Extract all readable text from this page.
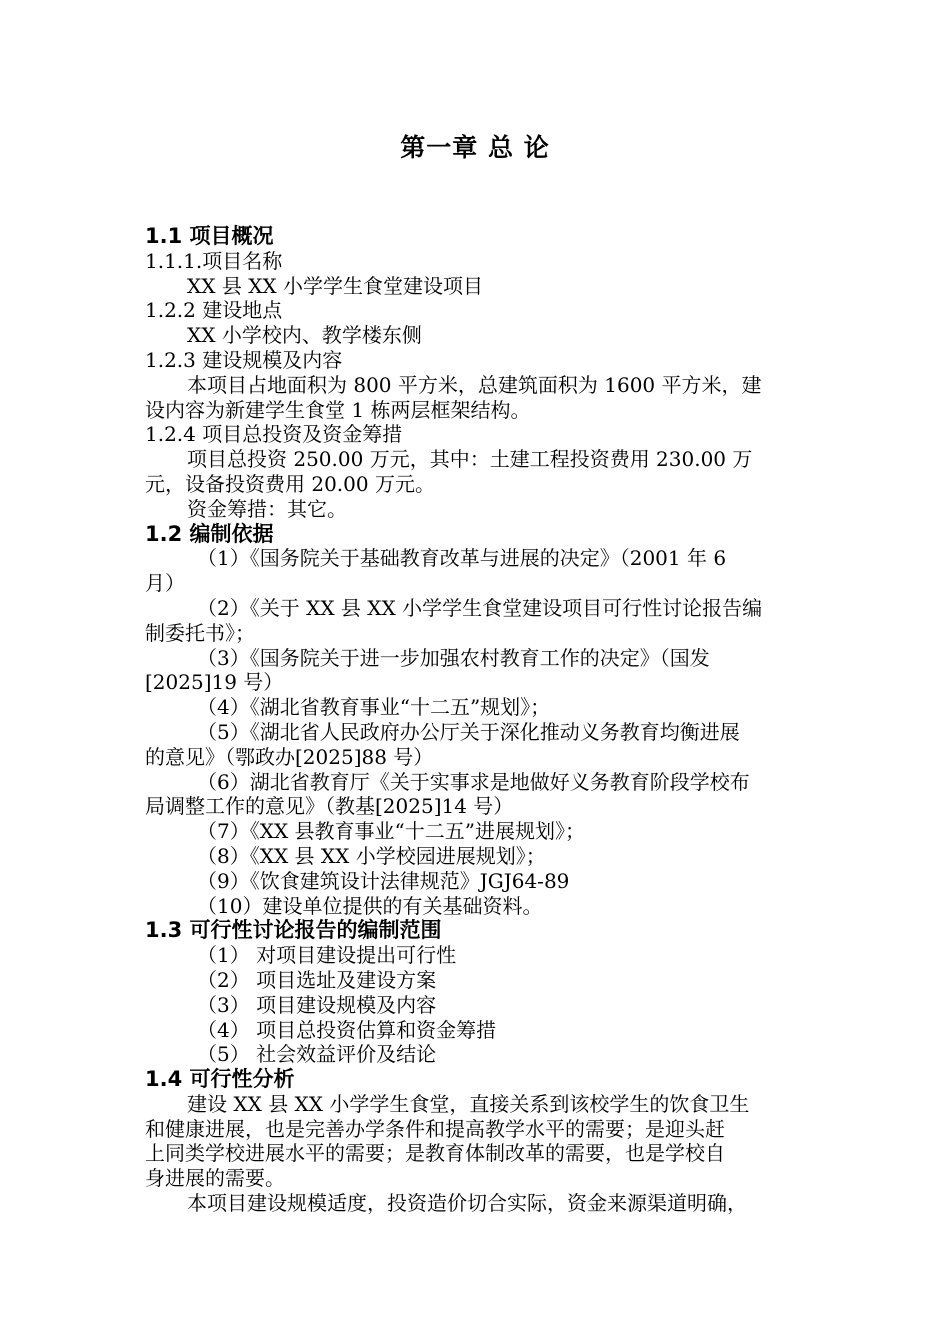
第一章 总 论
1.1 项目概况
1.1.1.项目名称
XX 县 XX 小学学生食堂建设项目
1.2.2 建设地点
XX 小学校内、教学楼东侧
1.2.3 建设规模及内容
本项目占地面积为 800 平方米，总建筑面积为 1600 平方米，建
设内容为新建学生食堂 1 栋两层框架结构。
1.2.4 项目总投资及资金筹措
项目总投资 250.00 万元，其中：土建工程投资费用 230.00 万
元，设备投资费用 20.00 万元。
资金筹措：其它。
1.2 编制依据
（1）《国务院关于基础教育改革与进展的决定》（2001 年 6
月）
（2）《关于 XX 县 XX 小学学生食堂建设项目可行性讨论报告编
制委托书》；
（3）《国务院关于进一步加强农村教育工作的决定》（国发
[2025]19 号）
（4）《湖北省教育事业“十二五”规划》；
（5）《湖北省人民政府办公厅关于深化推动义务教育均衡进展
的意见》（鄂政办[2025]88 号）
（6）湖北省教育厅《关于实事求是地做好义务教育阶段学校布
局调整工作的意见》（教基[2025]14 号）
（7）《XX 县教育事业“十二五”进展规划》；
（8）《XX 县 XX 小学校园进展规划》；
（9）《饮食建筑设计法律规范》JGJ64-89
（10）建设单位提供的有关基础资料。
1.3 可行性讨论报告的编制范围
（1） 对项目建设提出可行性
（2） 项目选址及建设方案
（3） 项目建设规模及内容
（4） 项目总投资估算和资金筹措
（5） 社会效益评价及结论
1.4 可行性分析
建设 XX 县 XX 小学学生食堂，直接关系到该校学生的饮食卫生
和健康进展，也是完善办学条件和提高教学水平的需要；是迎头赶
上同类学校进展水平的需要；是教育体制改革的需要，也是学校自
身进展的需要。
本项目建设规模适度，投资造价切合实际，资金来源渠道明确，
